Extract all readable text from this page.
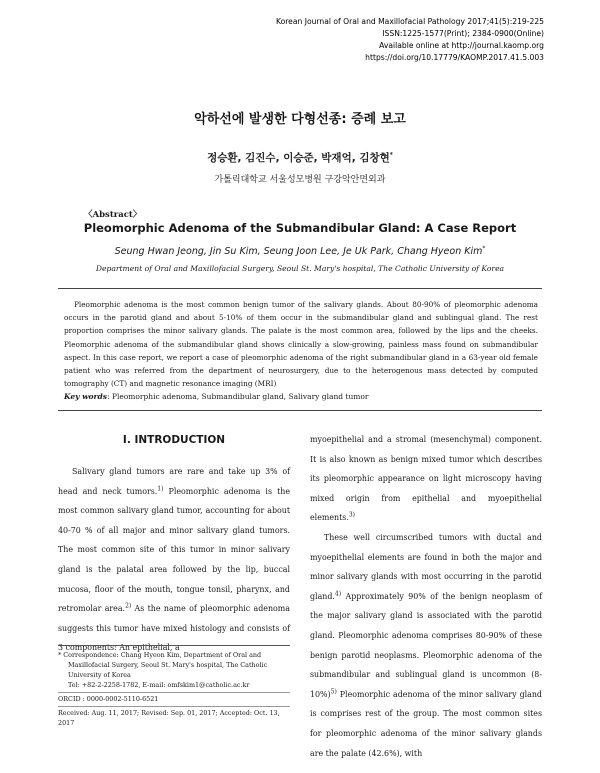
Korean Journal of Oral and Maxillofacial Pathology 2017;41(5):219-225
ISSN:1225-1577(Print); 2384-0900(Online)
Available online at http://journal.kaomp.org
https://doi.org/10.17779/KAOMP.2017.41.5.003
악하선에 발생한 다형선종: 증례 보고
정승환, 김진수, 이승준, 박재억, 김창현*
가톨릭대학교 서울성모병원 구강악안면외과
〈Abstract〉
Pleomorphic Adenoma of the Submandibular Gland: A Case Report
Seung Hwan Jeong, Jin Su Kim, Seung Joon Lee, Je Uk Park, Chang Hyeon Kim*
Department of Oral and Maxillofacial Surgery, Seoul St. Mary's hospital, The Catholic University of Korea
Pleomorphic adenoma is the most common benign tumor of the salivary glands. About 80-90% of pleomorphic adenoma occurs in the parotid gland and about 5-10% of them occur in the submandibular gland and sublingual gland. The rest proportion comprises the minor salivary glands. The palate is the most common area, followed by the lips and the cheeks. Pleomorphic adenoma of the submandibular gland shows clinically a slow-growing, painless mass found on submandibular aspect. In this case report, we report a case of pleomorphic adenoma of the right submandibular gland in a 63-year old female patient who was referred from the department of neurosurgery, due to the heterogenous mass detected by computed tomography (CT) and magnetic resonance imaging (MRI)
Key words: Pleomorphic adenoma, Submandibular gland, Salivary gland tumor
Ⅰ. INTRODUCTION

Salivary gland tumors are rare and take up 3% of head and neck tumors.$^{1)}$ Pleomorphic adenoma is the most common salivary gland tumor, accounting for about 40-70 % of all major and minor salivary gland tumors. The most common site of this tumor in minor salivary gland is the palatal area followed by the lip, buccal mucosa, floor of the mouth, tongue tonsil, pharynx, and retromolar area.$^{2)}$ As the name of pleomorphic adenoma suggests this tumor have mixed histology and consists of 3 components: An epithelial, a

myoepithelial and a stromal (mesenchymal) component. It is also known as benign mixed tumor which describes its pleomorphic appearance on light microscopy having mixed origin from epithelial and myoepithelial elements.$^{3)}$

These well circumscribed tumors with ductal and myoepithelial elements are found in both the major and minor salivary glands with most occurring in the parotid gland.$^{4)}$ Approximately 90% of the benign neoplasm of the major salivary gland is associated with the parotid gland. Pleomorphic adenoma comprises 80-90% of these benign parotid neoplasms. Pleomorphic adenoma of the submandibular and sublingual gland is uncommon $(8-10\%)^{5)}$ Pleomorphic adenoma of the minor salivary gland is comprises rest of the group. The most common sites for pleomorphic adenoma of the minor salivary glands are the palate (42.6%), with

* Correspondence: Chang Hyeon Kim, Department of Oral and
Maxillofacial Surgery, Seoul St. Mary's hospital, The Catholic
University of Korea
Tel: +82-2-2258-1782, E-mail: omfskim1@catholic.ac.kr
ORCID : 0000-0002-5110-6521
Received: Aug. 11, 2017; Revised: Sep. 01, 2017; Accepted: Oct. 13, 2017
